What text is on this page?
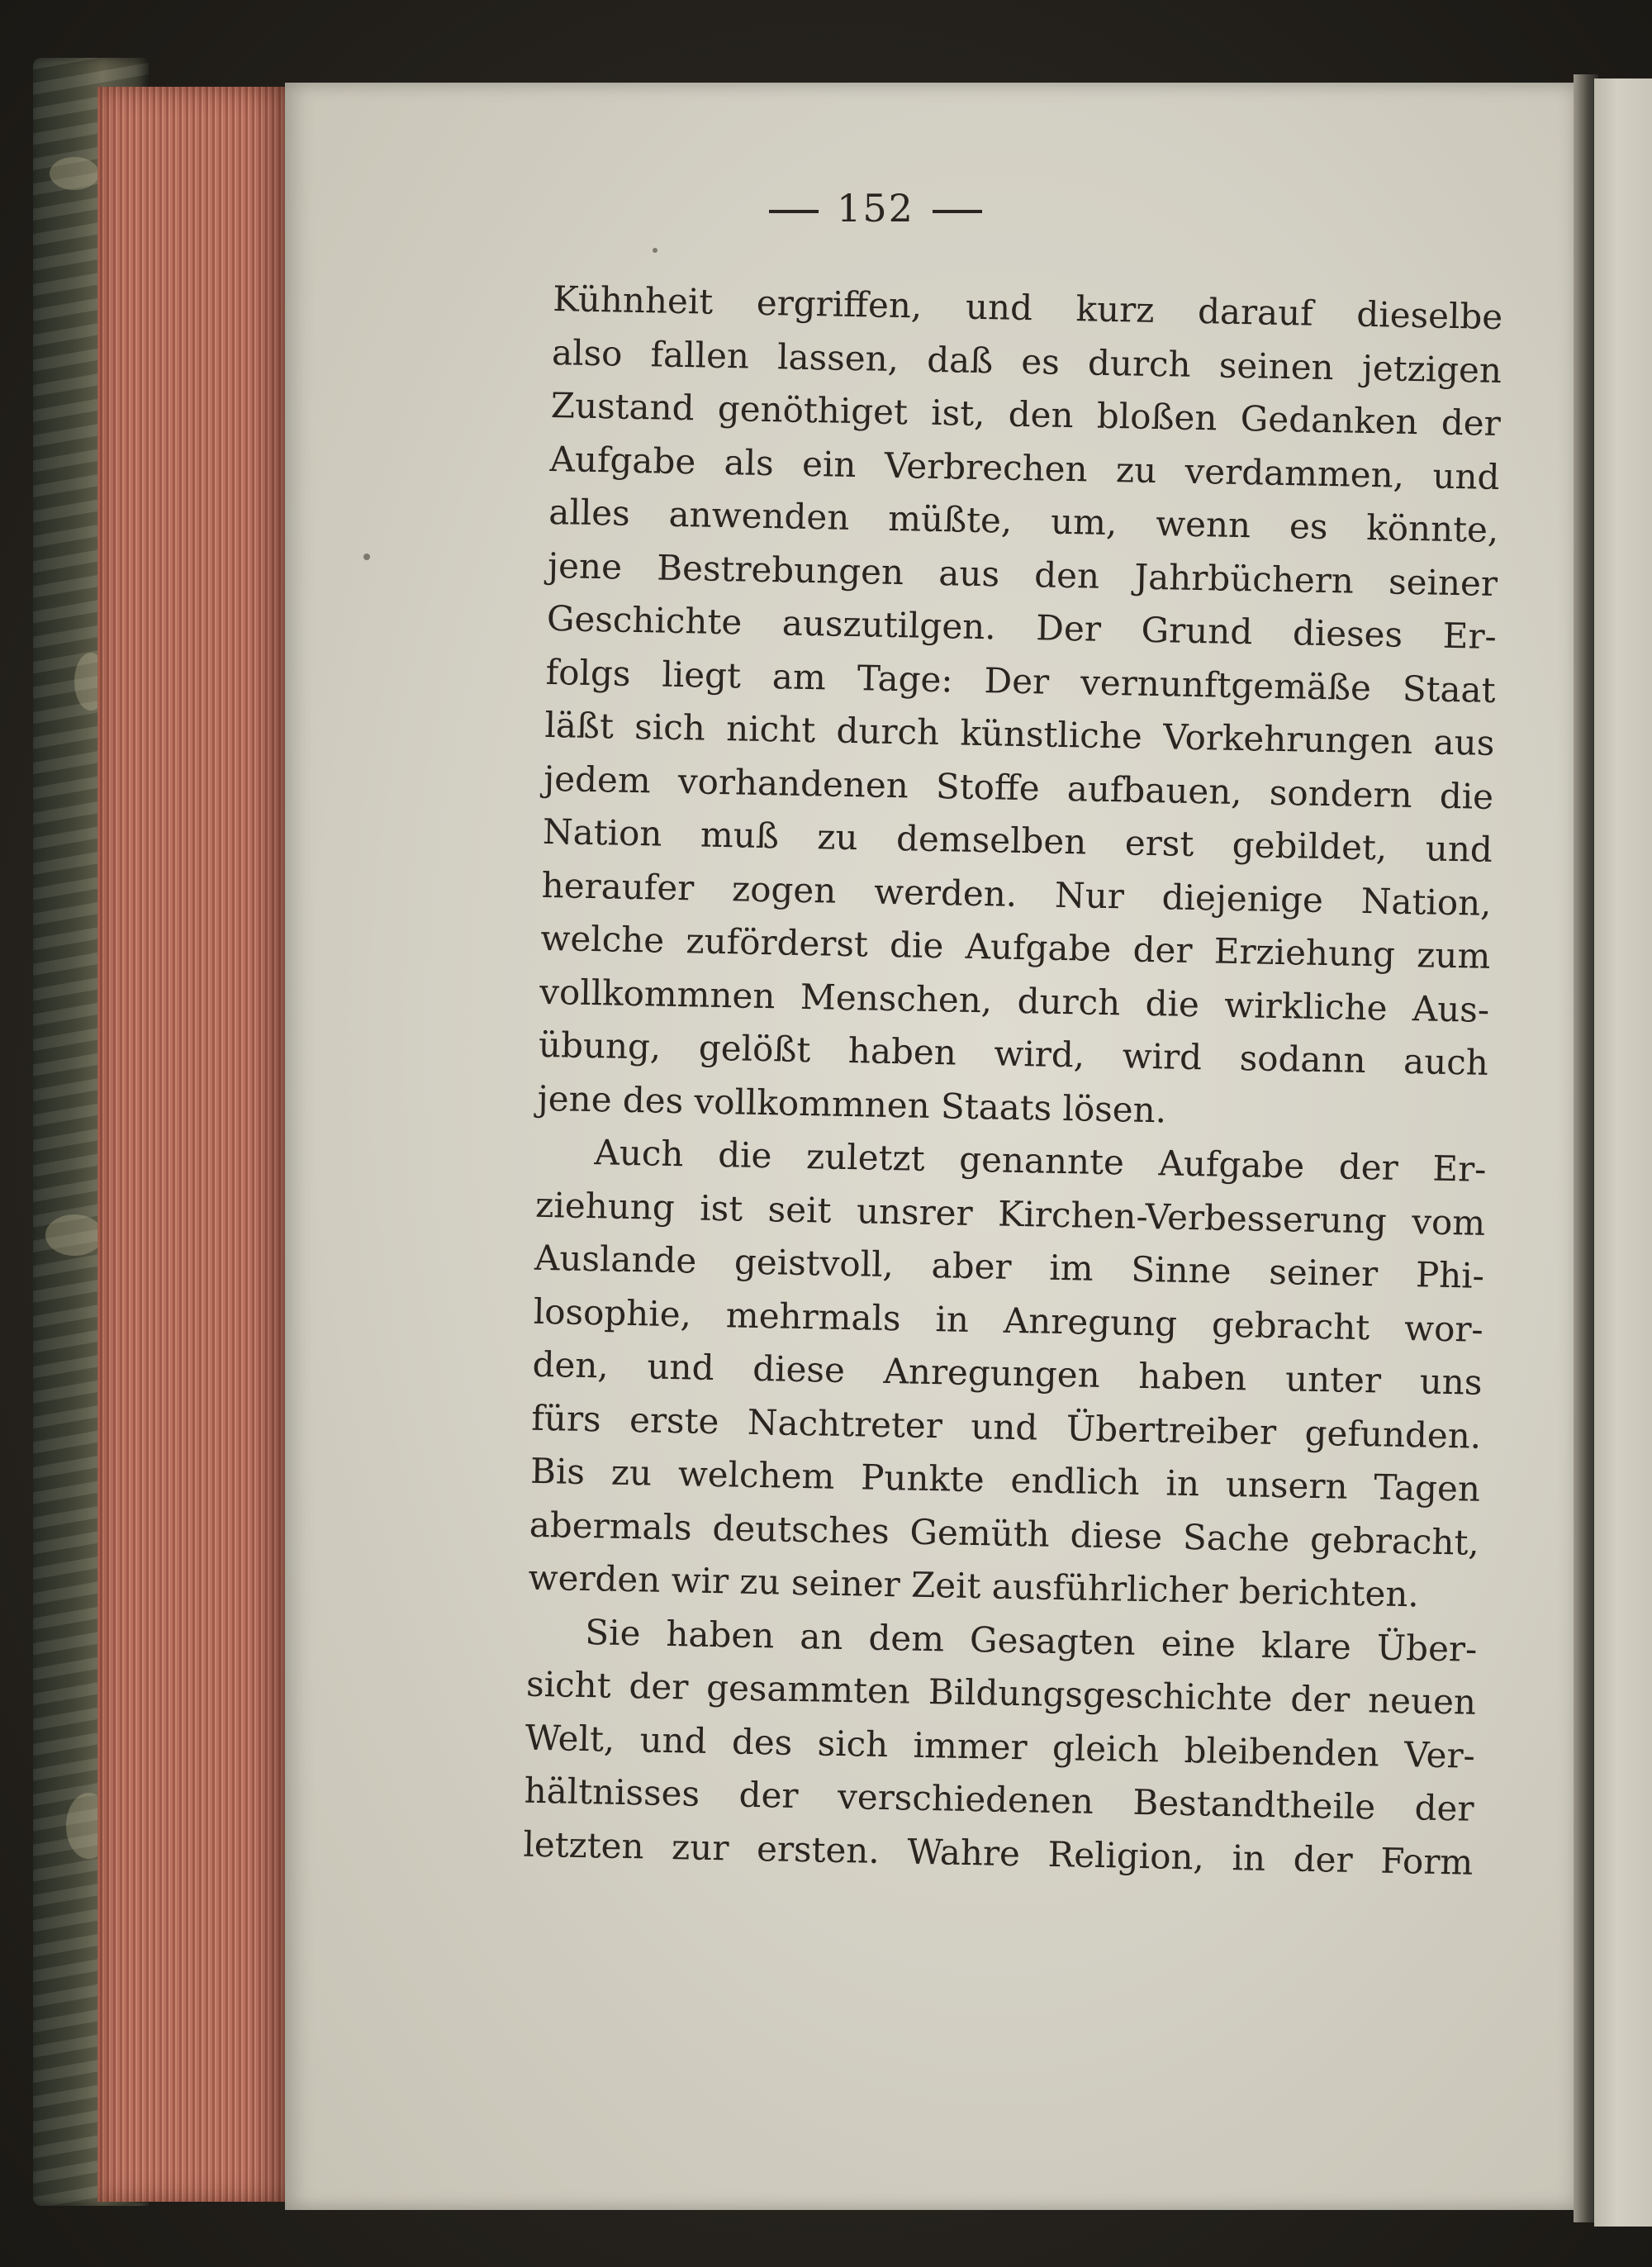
152
Kühnheit ergriffen, und kurz darauf dieselbe
also fallen lassen, daß es durch seinen jetzigen
Zustand genöthiget ist, den bloßen Gedanken der
Aufgabe als ein Verbrechen zu verdammen, und
alles anwenden müßte, um, wenn es könnte,
jene Bestrebungen aus den Jahrbüchern seiner
Geschichte auszutilgen. Der Grund dieses Er-
folgs liegt am Tage: Der vernunftgemäße Staat
läßt sich nicht durch künstliche Vorkehrungen aus
jedem vorhandenen Stoffe aufbauen, sondern die
Nation muß zu demselben erst gebildet, und
heraufer zogen werden. Nur diejenige Nation,
welche zuförderst die Aufgabe der Erziehung zum
vollkommnen Menschen, durch die wirkliche Aus-
übung, gelößt haben wird, wird sodann auch
jene des vollkommnen Staats lösen.
Auch die zuletzt genannte Aufgabe der Er-
ziehung ist seit unsrer Kirchen-Verbesserung vom
Auslande geistvoll, aber im Sinne seiner Phi-
losophie, mehrmals in Anregung gebracht wor-
den, und diese Anregungen haben unter uns
fürs erste Nachtreter und Übertreiber gefunden.
Bis zu welchem Punkte endlich in unsern Tagen
abermals deutsches Gemüth diese Sache gebracht,
werden wir zu seiner Zeit ausführlicher berichten.
Sie haben an dem Gesagten eine klare Über-
sicht der gesammten Bildungsgeschichte der neuen
Welt, und des sich immer gleich bleibenden Ver-
hältnisses der verschiedenen Bestandtheile der
letzten zur ersten. Wahre Religion, in der Form
